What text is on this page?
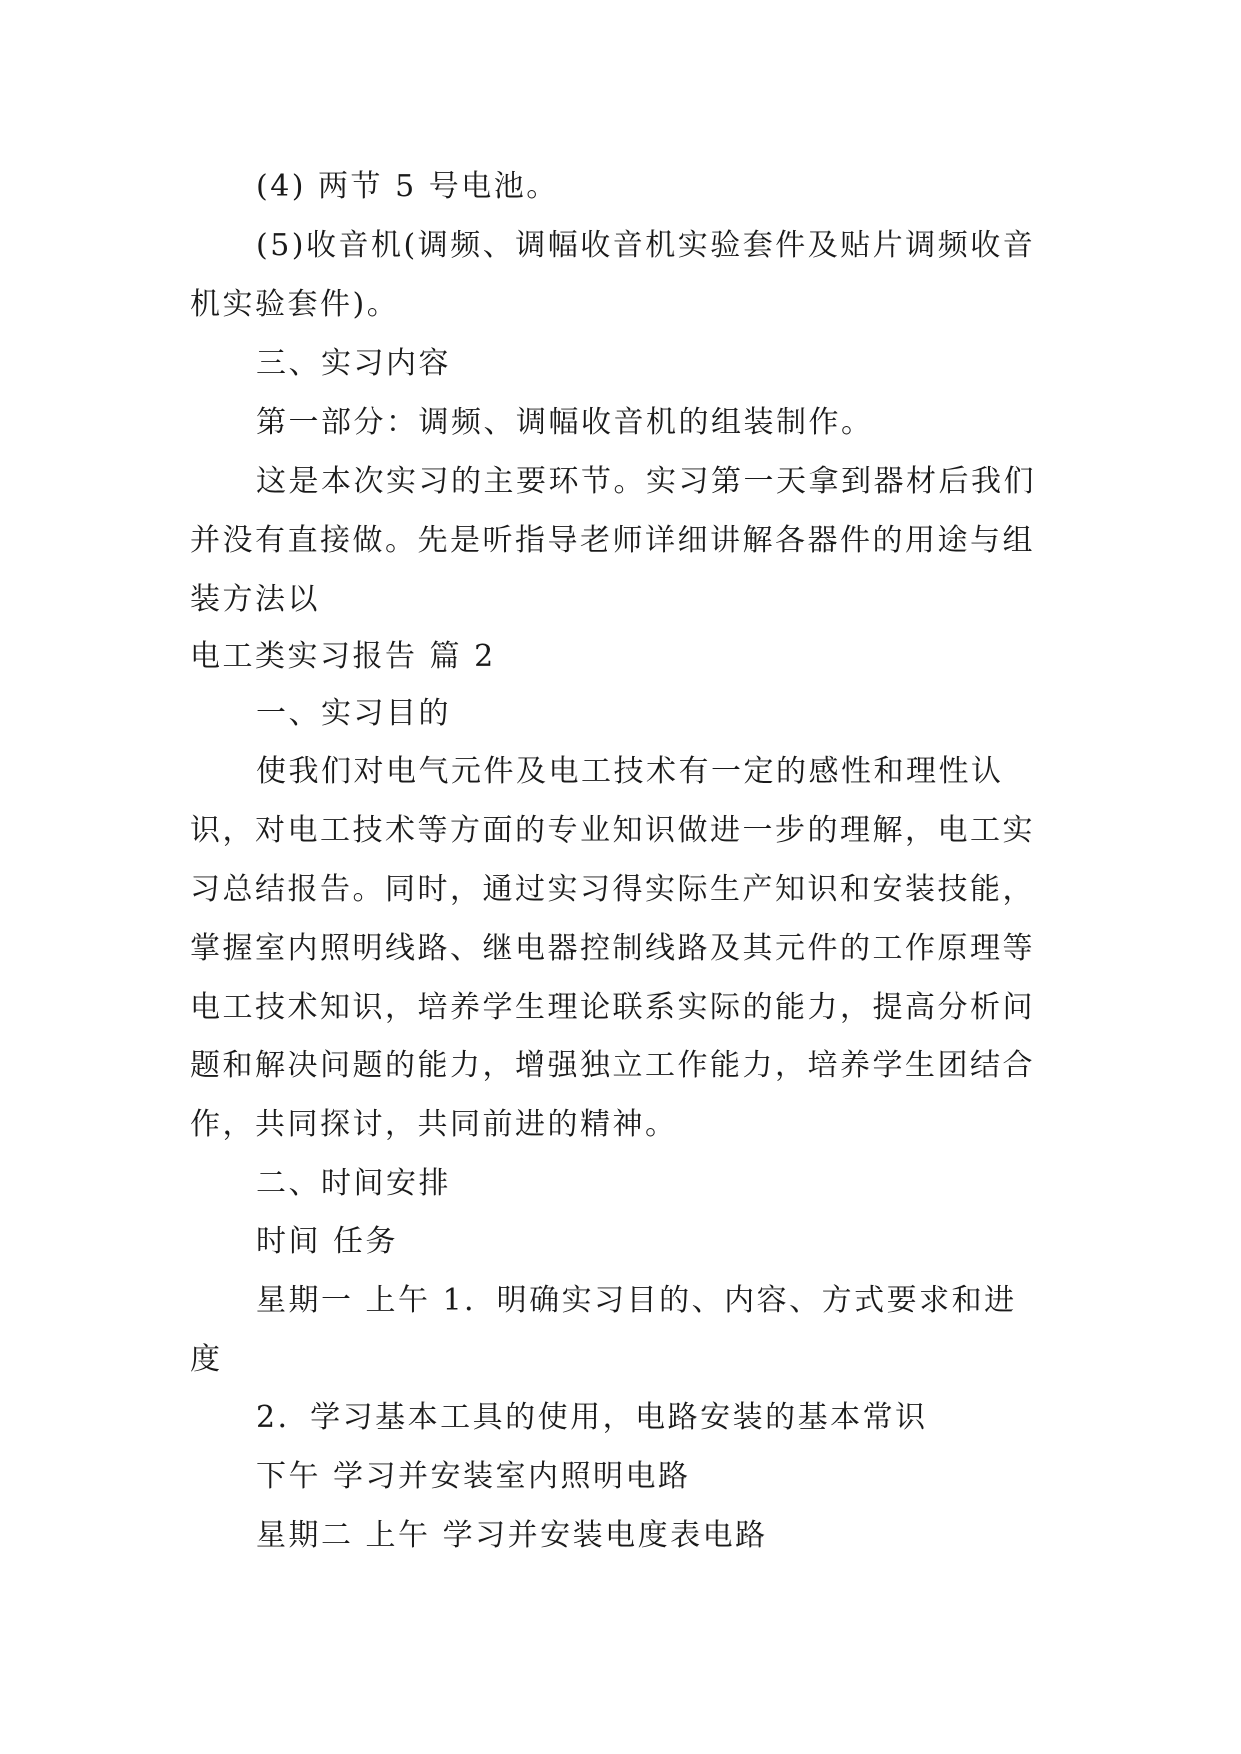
(4) 两节 5 号电池。
(5)收音机(调频、调幅收音机实验套件及贴片调频收音
机实验套件)。
三、实习内容
第一部分：调频、调幅收音机的组装制作。
这是本次实习的主要环节。实习第一天拿到器材后我们
并没有直接做。先是听指导老师详细讲解各器件的用途与组
装方法以
电工类实习报告 篇 2
一、实习目的
使我们对电气元件及电工技术有一定的感性和理性认
识，对电工技术等方面的专业知识做进一步的理解，电工实
习总结报告。同时，通过实习得实际生产知识和安装技能，
掌握室内照明线路、继电器控制线路及其元件的工作原理等
电工技术知识，培养学生理论联系实际的能力，提高分析问
题和解决问题的能力，增强独立工作能力，培养学生团结合
作，共同探讨，共同前进的精神。
二、时间安排
时间 任务
星期一 上午 1．明确实习目的、内容、方式要求和进
度
2．学习基本工具的使用，电路安装的基本常识
下午 学习并安装室内照明电路
星期二 上午 学习并安装电度表电路
